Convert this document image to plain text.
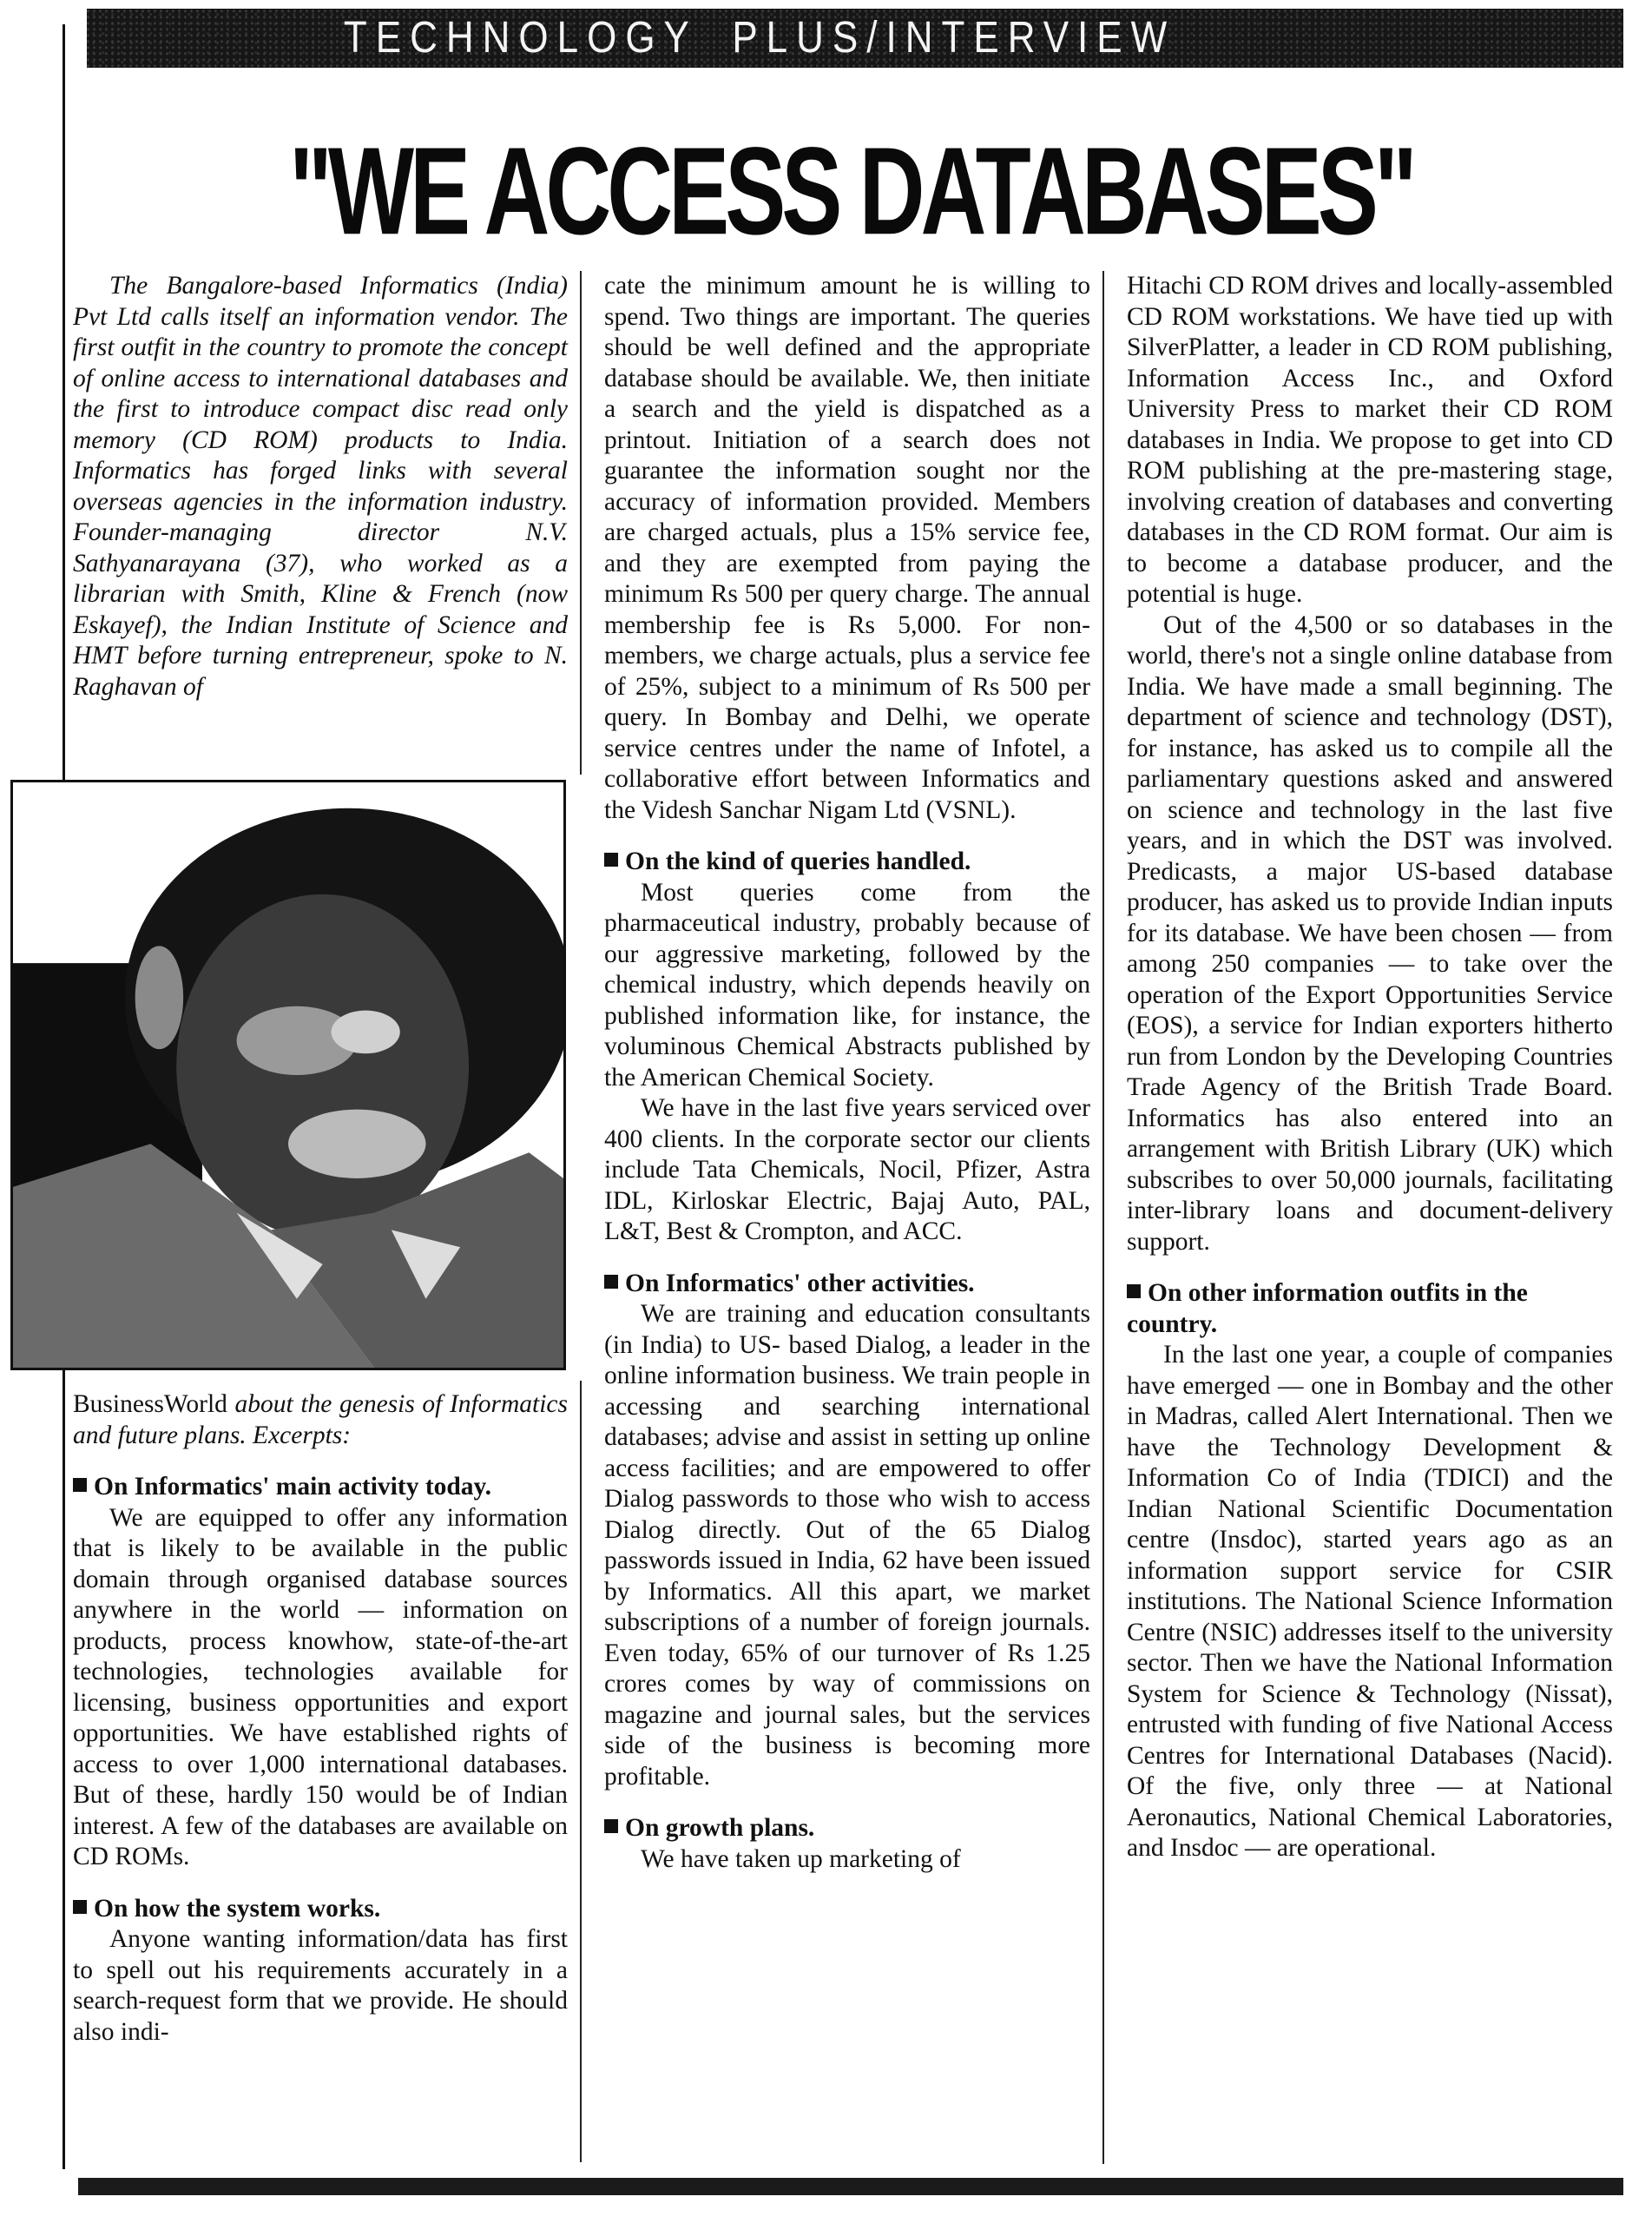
TECHNOLOGY PLUS/INTERVIEW
"WE ACCESS DATABASES"

The Bangalore-based Informatics (India) Pvt Ltd calls itself an information vendor. The first outfit in the country to promote the concept of online access to international databases and the first to introduce compact disc read only memory (CD ROM) products to India. Informatics has forged links with several overseas agencies in the information industry. Founder-managing director N.V. Sathyanarayana (37), who worked as a librarian with Smith, Kline & French (now Eskayef), the Indian Institute of Science and HMT before turning entrepreneur, spoke to N. Raghavan of

BusinessWorld about the genesis of Informatics and future plans. Excerpts:

On Informatics' main activity today.

We are equipped to offer any information that is likely to be available in the public domain through organised database sources anywhere in the world — information on products, process knowhow, state-of-the-art technologies, technologies available for licensing, business opportunities and export opportunities. We have established rights of access to over 1,000 international databases. But of these, hardly 150 would be of Indian interest. A few of the databases are available on CD ROMs.

On how the system works.

Anyone wanting information/data has first to spell out his requirements accurately in a search-request form that we provide. He should also indi-

cate the minimum amount he is willing to spend. Two things are important. The queries should be well defined and the appropriate database should be available. We, then initiate a search and the yield is dispatched as a printout. Initiation of a search does not guarantee the information sought nor the accuracy of information provided. Members are charged actuals, plus a 15% service fee, and they are exempted from paying the minimum Rs 500 per query charge. The annual membership fee is Rs 5,000. For non-members, we charge actuals, plus a service fee of 25%, subject to a minimum of Rs 500 per query. In Bombay and Delhi, we operate service centres under the name of Infotel, a collaborative effort between Informatics and the Videsh Sanchar Nigam Ltd (VSNL).

On the kind of queries handled.

Most queries come from the pharmaceutical industry, probably because of our aggressive marketing, followed by the chemical industry, which depends heavily on published information like, for instance, the voluminous Chemical Abstracts published by the American Chemical Society.

We have in the last five years serviced over 400 clients. In the corporate sector our clients include Tata Chemicals, Nocil, Pfizer, Astra IDL, Kirloskar Electric, Bajaj Auto, PAL, L&T, Best & Crompton, and ACC.

On Informatics' other activities.

We are training and education consultants (in India) to US- based Dialog, a leader in the online information business. We train people in accessing and searching international databases; advise and assist in setting up online access facilities; and are empowered to offer Dialog passwords to those who wish to access Dialog directly. Out of the 65 Dialog passwords issued in India, 62 have been issued by Informatics. All this apart, we market subscriptions of a number of foreign journals. Even today, 65% of our turnover of Rs 1.25 crores comes by way of commissions on magazine and journal sales, but the services side of the business is becoming more profitable.

On growth plans.

We have taken up marketing of

Hitachi CD ROM drives and locally-assembled CD ROM workstations. We have tied up with SilverPlatter, a leader in CD ROM publishing, Information Access Inc., and Oxford University Press to market their CD ROM databases in India. We propose to get into CD ROM publishing at the pre-mastering stage, involving creation of databases and converting databases in the CD ROM format. Our aim is to become a database producer, and the potential is huge.

Out of the 4,500 or so databases in the world, there's not a single online database from India. We have made a small beginning. The department of science and technology (DST), for instance, has asked us to compile all the parliamentary questions asked and answered on science and technology in the last five years, and in which the DST was involved. Predicasts, a major US-based database producer, has asked us to provide Indian inputs for its database. We have been chosen — from among 250 companies — to take over the operation of the Export Opportunities Service (EOS), a service for Indian exporters hitherto run from London by the Developing Countries Trade Agency of the British Trade Board. Informatics has also entered into an arrangement with British Library (UK) which subscribes to over 50,000 journals, facilitating inter-library loans and document-delivery support.

On other information outfits in the country.

In the last one year, a couple of companies have emerged — one in Bombay and the other in Madras, called Alert International. Then we have the Technology Development & Information Co of India (TDICI) and the Indian National Scientific Documentation centre (Insdoc), started years ago as an information support service for CSIR institutions. The National Science Information Centre (NSIC) addresses itself to the university sector. Then we have the National Information System for Science & Technology (Nissat), entrusted with funding of five National Access Centres for International Databases (Nacid). Of the five, only three — at National Aeronautics, National Chemical Laboratories, and Insdoc — are operational.
